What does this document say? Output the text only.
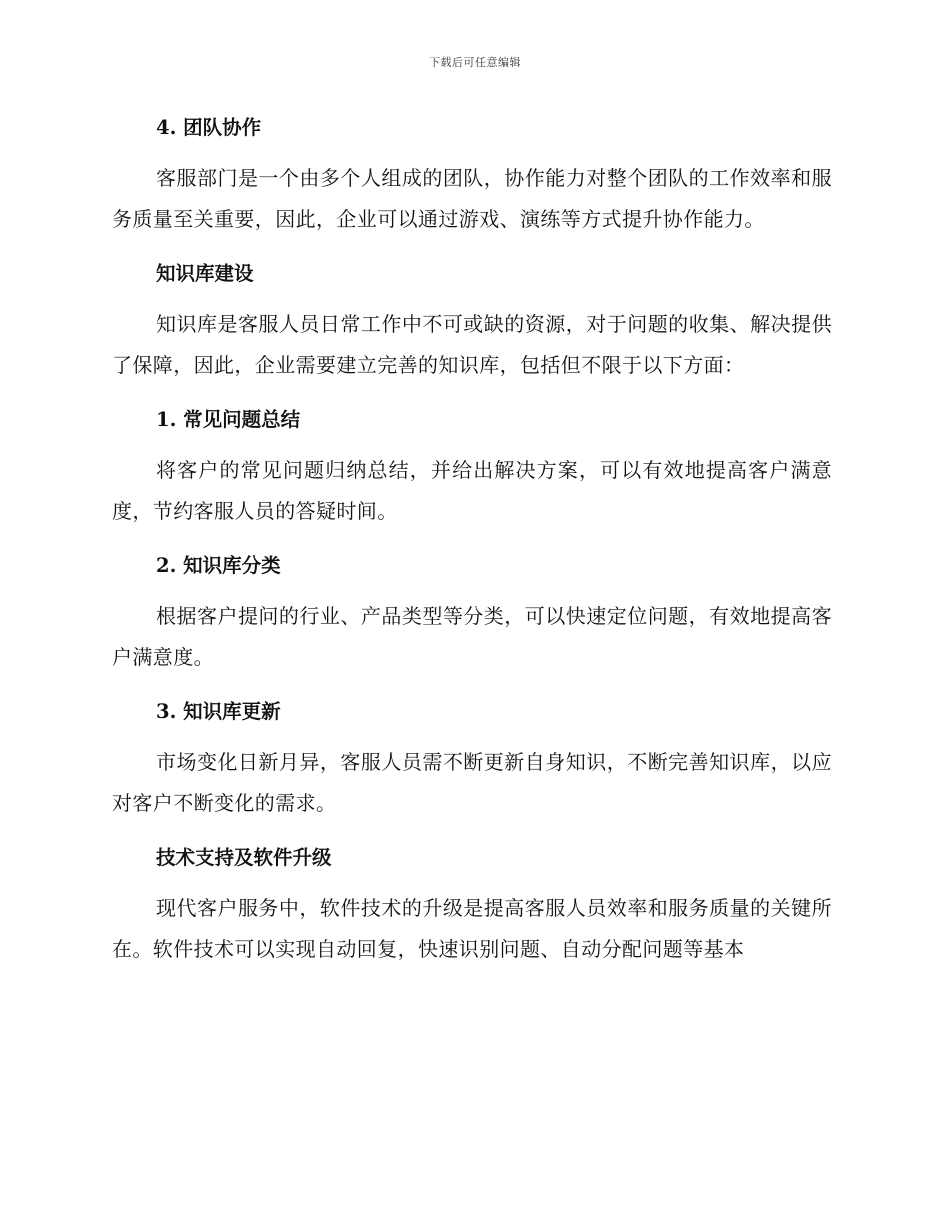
下载后可任意编辑
4. 团队协作

客服部门是一个由多个人组成的团队，协作能力对整个团队的工作效率和服务质量至关重要，因此，企业可以通过游戏、演练等方式提升协作能力。

知识库建设

知识库是客服人员日常工作中不可或缺的资源，对于问题的收集、解决提供了保障，因此，企业需要建立完善的知识库，包括但不限于以下方面：

1. 常见问题总结

将客户的常见问题归纳总结，并给出解决方案，可以有效地提高客户满意度，节约客服人员的答疑时间。

2. 知识库分类

根据客户提问的行业、产品类型等分类，可以快速定位问题，有效地提高客户满意度。

3. 知识库更新

市场变化日新月异，客服人员需不断更新自身知识，不断完善知识库，以应对客户不断变化的需求。

技术支持及软件升级

现代客户服务中，软件技术的升级是提高客服人员效率和服务质量的关键所在。软件技术可以实现自动回复，快速识别问题、自动分配问题等基本
